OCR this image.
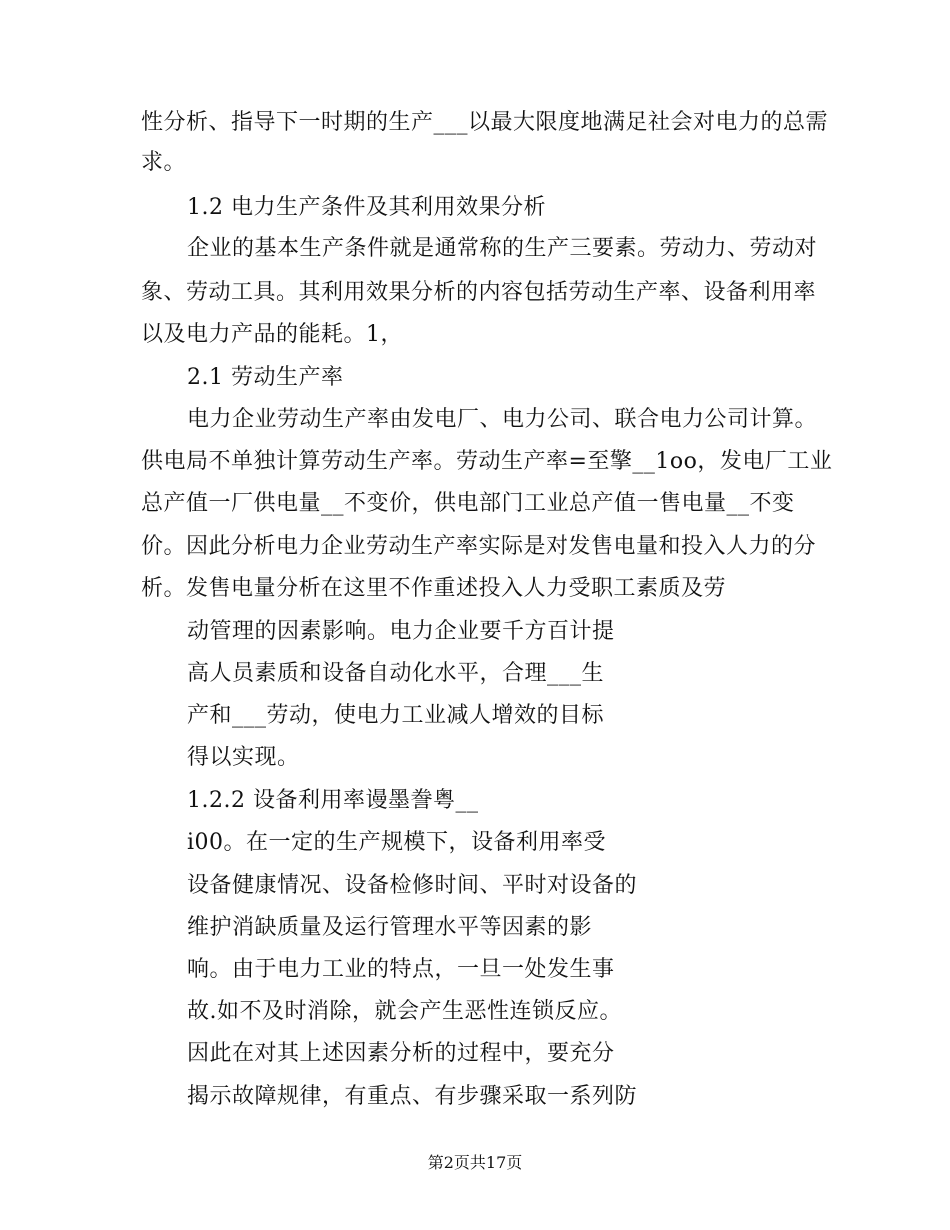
性分析、指导下一时期的生产___以最大限度地满足社会对电力的总需
求。
1.2 电力生产条件及其利用效果分析
企业的基本生产条件就是通常称的生产三要素。劳动力、劳动对
象、劳动工具。其利用效果分析的内容包括劳动生产率、设备利用率
以及电力产品的能耗。1，
2.1 劳动生产率
电力企业劳动生产率由发电厂、电力公司、联合电力公司计算。
供电局不单独计算劳动生产率。劳动生产率=至擎__1oo，发电厂工业
总产值一厂供电量__不变价，供电部门工业总产值一售电量__不变
价。因此分析电力企业劳动生产率实际是对发售电量和投入人力的分
析。发售电量分析在这里不作重述投入人力受职工素质及劳
动管理的因素影响。电力企业要千方百计提
高人员素质和设备自动化水平，合理___生
产和___劳动，使电力工业减人增效的目标
得以实现。
1.2.2 设备利用率谩墨誊粤__
i00。在一定的生产规模下，设备利用率受
设备健康情况、设备检修时间、平时对设备的
维护消缺质量及运行管理水平等因素的影
响。由于电力工业的特点，一旦一处发生事
故.如不及时消除，就会产生恶性连锁反应。
因此在对其上述因素分析的过程中，要充分
揭示故障规律，有重点、有步骤采取一系列防
第2页共17页
